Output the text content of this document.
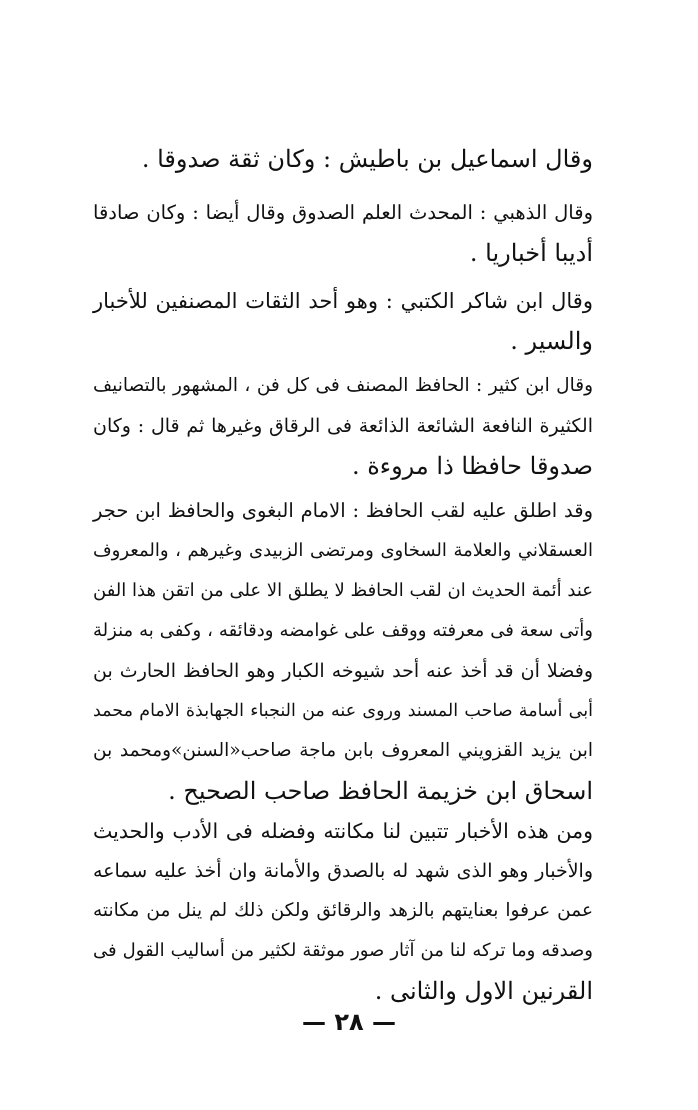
وقال اسماعيل بن باطيش : وكان ثقة صدوقا .
وقال الذهبي : المحدث العلم الصدوق وقال أيضا : وكان صادقا
أديبا أخباريا .
وقال ابن شاكر الكتبي : وهو أحد الثقات المصنفين للأخبار
والسير .
وقال ابن كثير : الحافظ المصنف فى كل فن ، المشهور بالتصانيف
الكثيرة النافعة الشائعة الذائعة فى الرقاق وغيرها ثم قال : وكان
صدوقا حافظا ذا مروءة .
وقد اطلق عليه لقب الحافظ : الامام البغوى والحافظ ابن حجر
العسقلاني والعلامة السخاوى ومرتضى الزبيدى وغيرهم ، والمعروف
عند أئمة الحديث ان لقب الحافظ لا يطلق الا على من اتقن هذا الفن
وأتى سعة فى معرفته ووقف على غوامضه ودقائقه ، وكفى به منزلة
وفضلا أن قد أخذ عنه أحد شيوخه الكبار وهو الحافظ الحارث بن
أبى أسامة صاحب المسند وروى عنه من النجباء الجهابذة الامام محمد
ابن يزيد القزويني المعروف بابن ماجة صاحب«السنن»ومحمد بن
اسحاق ابن خزيمة الحافظ صاحب الصحيح .
ومن هذه الأخبار تتبين لنا مكانته وفضله فى الأدب والحديث
والأخبار وهو الذى شهد له بالصدق والأمانة وان أخذ عليه سماعه
عمن عرفوا بعنايتهم بالزهد والرقائق ولكن ذلك لم ينل من مكانته
وصدقه وما تركه لنا من آثار صور موثقة لكثير من أساليب القول فى
القرنين الاول والثانى .
— ٢٨ —
